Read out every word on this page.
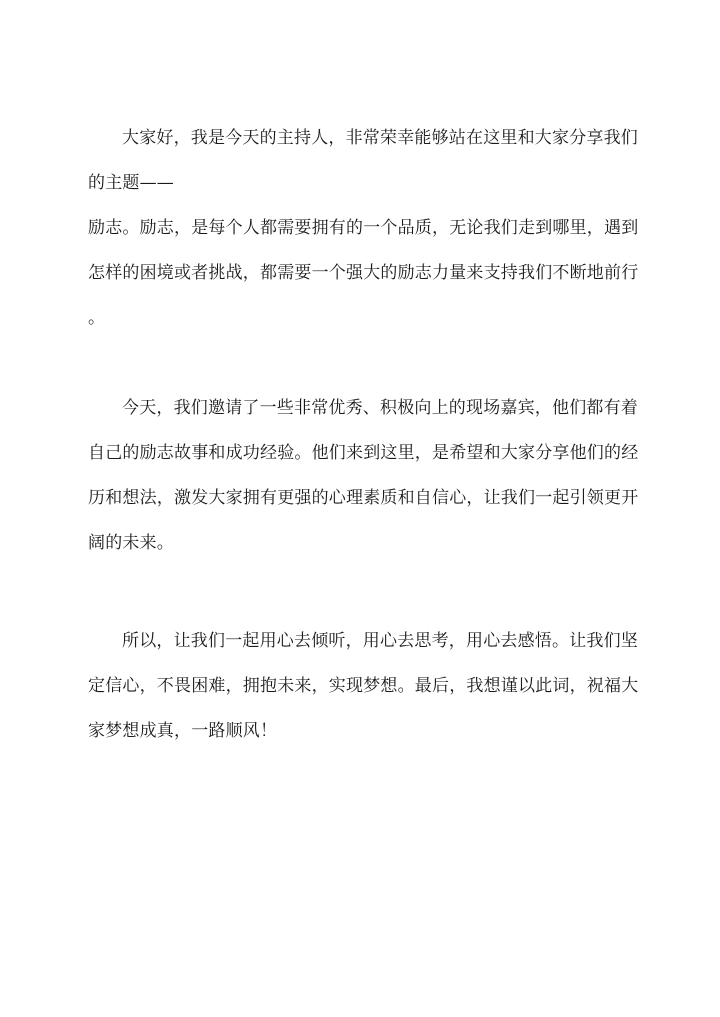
大家好，我是今天的主持人，非常荣幸能够站在这里和大家分享我们
的主题——
励志。励志，是每个人都需要拥有的一个品质，无论我们走到哪里，遇到
怎样的困境或者挑战，都需要一个强大的励志力量来支持我们不断地前行
。
今天，我们邀请了一些非常优秀、积极向上的现场嘉宾，他们都有着
自己的励志故事和成功经验。他们来到这里，是希望和大家分享他们的经
历和想法，激发大家拥有更强的心理素质和自信心，让我们一起引领更开
阔的未来。
所以，让我们一起用心去倾听，用心去思考，用心去感悟。让我们坚
定信心，不畏困难，拥抱未来，实现梦想。最后，我想谨以此词，祝福大
家梦想成真，一路顺风！
